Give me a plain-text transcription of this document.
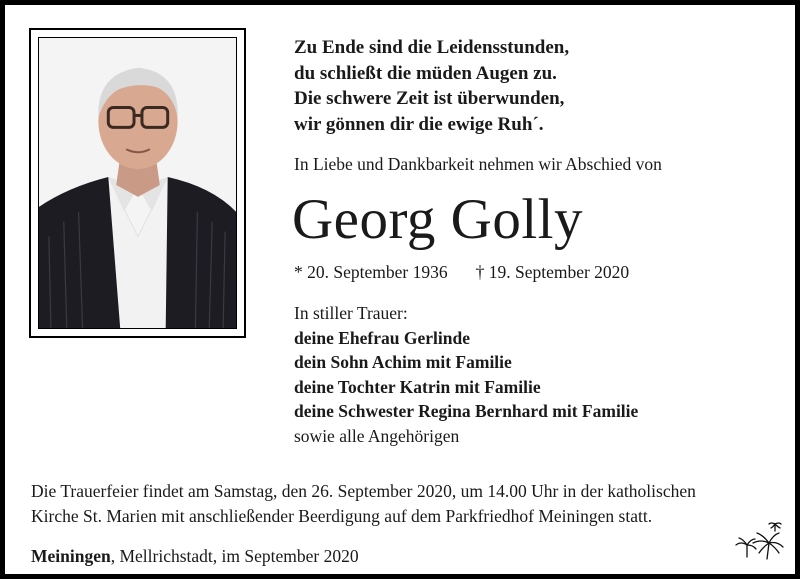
Zu Ende sind die Leidensstunden,
du schließt die müden Augen zu.
Die schwere Zeit ist überwunden,
wir gönnen dir die ewige Ruh´.
In Liebe und Dankbarkeit nehmen wir Abschied von
Georg Golly
* 20. September 1936 † 19. September 2020
In stiller Trauer:
deine Ehefrau Gerlinde
dein Sohn Achim mit Familie
deine Tochter Katrin mit Familie
deine Schwester Regina Bernhard mit Familie
sowie alle Angehörigen
Die Trauerfeier findet am Samstag, den 26. September 2020, um 14.00 Uhr in der katholischen
Kirche St. Marien mit anschließender Beerdigung auf dem Parkfriedhof Meiningen statt.
Meiningen, Mellrichstadt, im September 2020
